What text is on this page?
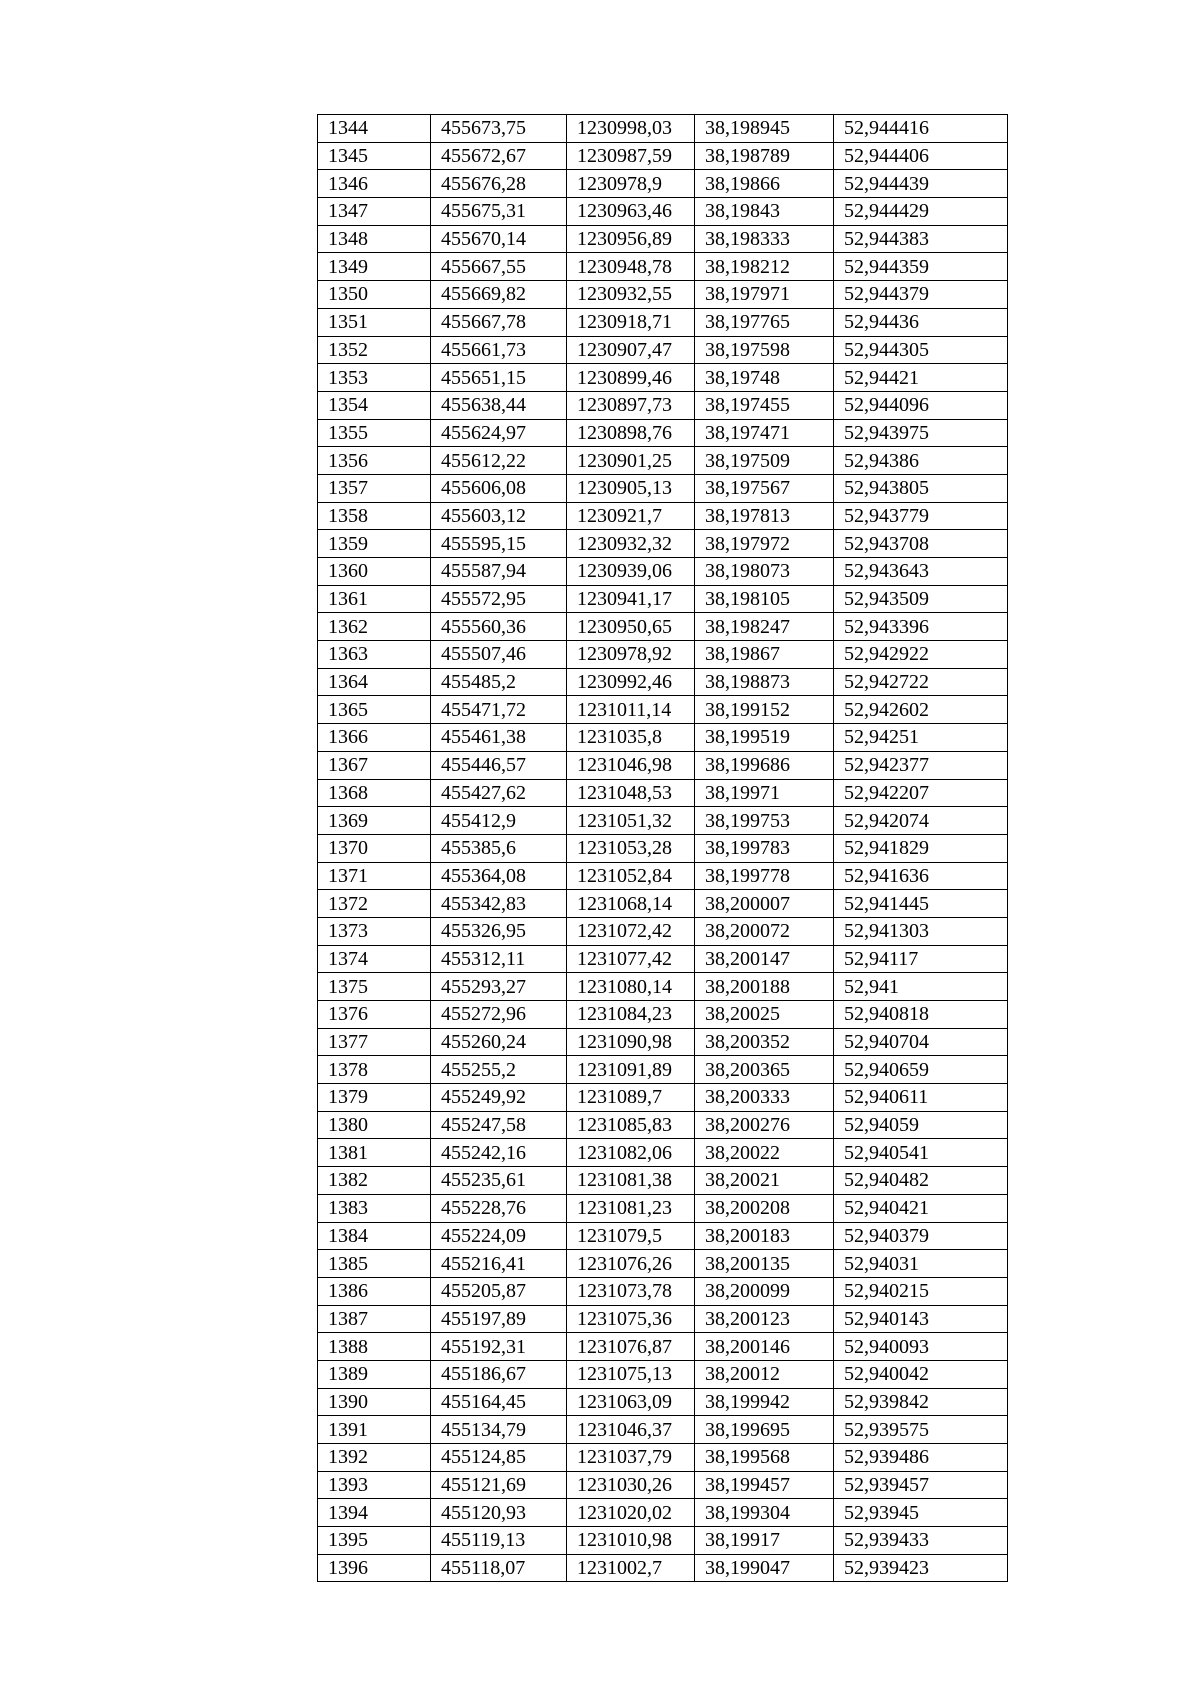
1344	455673,75	1230998,03	38,198945	52,944416
1345	455672,67	1230987,59	38,198789	52,944406
1346	455676,28	1230978,9	38,19866	52,944439
1347	455675,31	1230963,46	38,19843	52,944429
1348	455670,14	1230956,89	38,198333	52,944383
1349	455667,55	1230948,78	38,198212	52,944359
1350	455669,82	1230932,55	38,197971	52,944379
1351	455667,78	1230918,71	38,197765	52,94436
1352	455661,73	1230907,47	38,197598	52,944305
1353	455651,15	1230899,46	38,19748	52,94421
1354	455638,44	1230897,73	38,197455	52,944096
1355	455624,97	1230898,76	38,197471	52,943975
1356	455612,22	1230901,25	38,197509	52,94386
1357	455606,08	1230905,13	38,197567	52,943805
1358	455603,12	1230921,7	38,197813	52,943779
1359	455595,15	1230932,32	38,197972	52,943708
1360	455587,94	1230939,06	38,198073	52,943643
1361	455572,95	1230941,17	38,198105	52,943509
1362	455560,36	1230950,65	38,198247	52,943396
1363	455507,46	1230978,92	38,19867	52,942922
1364	455485,2	1230992,46	38,198873	52,942722
1365	455471,72	1231011,14	38,199152	52,942602
1366	455461,38	1231035,8	38,199519	52,94251
1367	455446,57	1231046,98	38,199686	52,942377
1368	455427,62	1231048,53	38,19971	52,942207
1369	455412,9	1231051,32	38,199753	52,942074
1370	455385,6	1231053,28	38,199783	52,941829
1371	455364,08	1231052,84	38,199778	52,941636
1372	455342,83	1231068,14	38,200007	52,941445
1373	455326,95	1231072,42	38,200072	52,941303
1374	455312,11	1231077,42	38,200147	52,94117
1375	455293,27	1231080,14	38,200188	52,941
1376	455272,96	1231084,23	38,20025	52,940818
1377	455260,24	1231090,98	38,200352	52,940704
1378	455255,2	1231091,89	38,200365	52,940659
1379	455249,92	1231089,7	38,200333	52,940611
1380	455247,58	1231085,83	38,200276	52,94059
1381	455242,16	1231082,06	38,20022	52,940541
1382	455235,61	1231081,38	38,20021	52,940482
1383	455228,76	1231081,23	38,200208	52,940421
1384	455224,09	1231079,5	38,200183	52,940379
1385	455216,41	1231076,26	38,200135	52,94031
1386	455205,87	1231073,78	38,200099	52,940215
1387	455197,89	1231075,36	38,200123	52,940143
1388	455192,31	1231076,87	38,200146	52,940093
1389	455186,67	1231075,13	38,20012	52,940042
1390	455164,45	1231063,09	38,199942	52,939842
1391	455134,79	1231046,37	38,199695	52,939575
1392	455124,85	1231037,79	38,199568	52,939486
1393	455121,69	1231030,26	38,199457	52,939457
1394	455120,93	1231020,02	38,199304	52,93945
1395	455119,13	1231010,98	38,19917	52,939433
1396	455118,07	1231002,7	38,199047	52,939423
